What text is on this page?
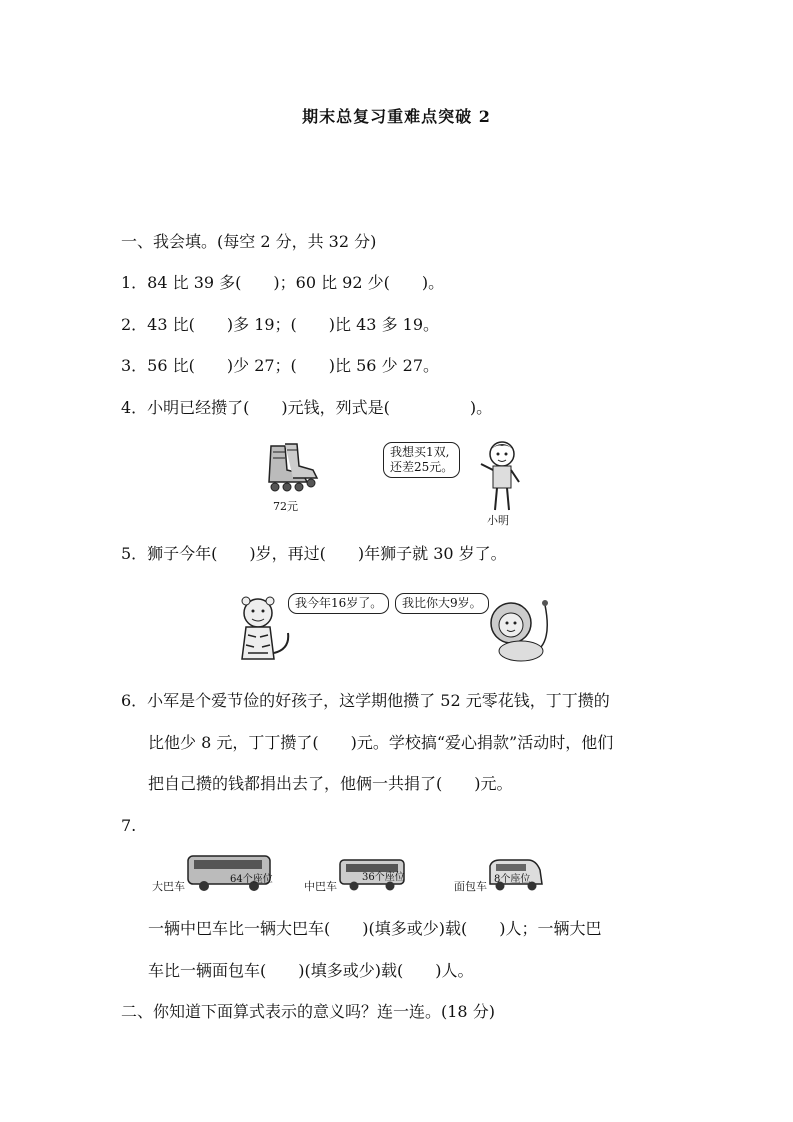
期末总复习重难点突破 2
一、我会填。(每空 2 分，共 32 分)
1．84 比 39 多(　　)；60 比 92 少(　　)。
2．43 比(　　)多 19；(　　)比 43 多 19。
3．56 比(　　)少 27；(　　)比 56 少 27。
4．小明已经攒了(　　)元钱，列式是(　　　　　)。
72元
我想买1双,
还差25元。
小明
5．狮子今年(　　)岁，再过(　　)年狮子就 30 岁了。
我今年16岁了。	我比你大9岁。
6．小军是个爱节俭的好孩子，这学期他攒了 52 元零花钱，丁丁攒的
比他少 8 元，丁丁攒了(　　)元。学校搞“爱心捐款”活动时，他们
把自己攒的钱都捐出去了，他俩一共捐了(　　)元。
7.
大巴车
64个座位
中巴车
36个座位
面包车
8个座位
一辆中巴车比一辆大巴车(　　)(填多或少)载(　　)人；一辆大巴
车比一辆面包车(　　)(填多或少)载(　　)人。
二、你知道下面算式表示的意义吗？连一连。(18 分)
